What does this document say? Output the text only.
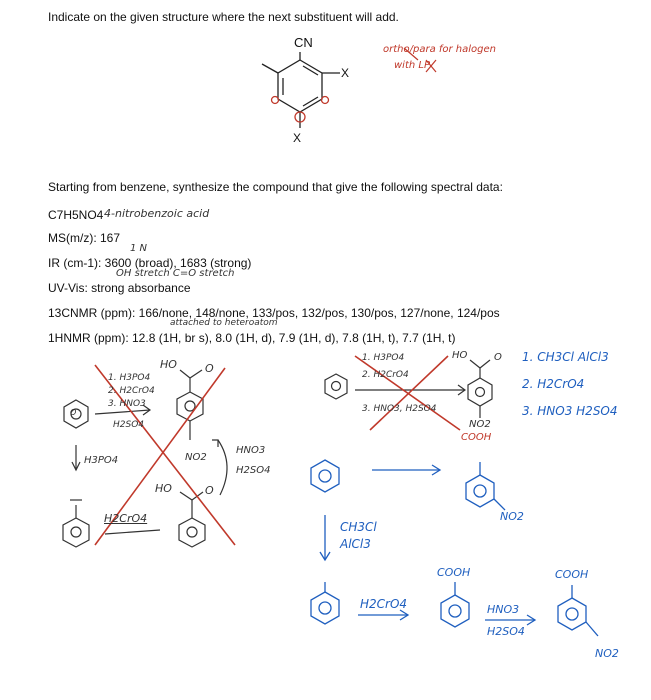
Indicate on the given structure where the next substituent will add.
CN
X
X
ortho/para for halogen
with LP
Starting from benzene, synthesize the compound that give the following spectral data:
C7H5NO4 4-nitrobenzoic acid
MS(m/z): 167
1 N
IR (cm-1): 3600 (broad), 1683 (strong)
OH stretch C=O stretch
UV-Vis: strong absorbance
13CNMR (ppm): 166/none, 148/none, 133/pos, 132/pos, 130/pos, 127/none, 124/pos
attached to heteroatom
1HNMR (ppm): 12.8 (1H, br s), 8.0 (1H, d), 7.9 (1H, d), 7.8 (1H, t), 7.7 (1H, t)
1. H3PO4
2. H2CrO4
3. HNO3
H2SO4
HO	O
O
NO2
H3PO4
HNO3
H2SO4
HO	O
H2CrO4
1. H3PO4
2. H2CrO4
3. HNO3, H2SO4
HO	O
NO2
COOH
1. CH3Cl AlCl3
2. H2CrO4
3. HNO3 H2SO4
CH3Cl
AlCl3
NO2
H2CrO4
COOH
HNO3
H2SO4
COOH
NO2
